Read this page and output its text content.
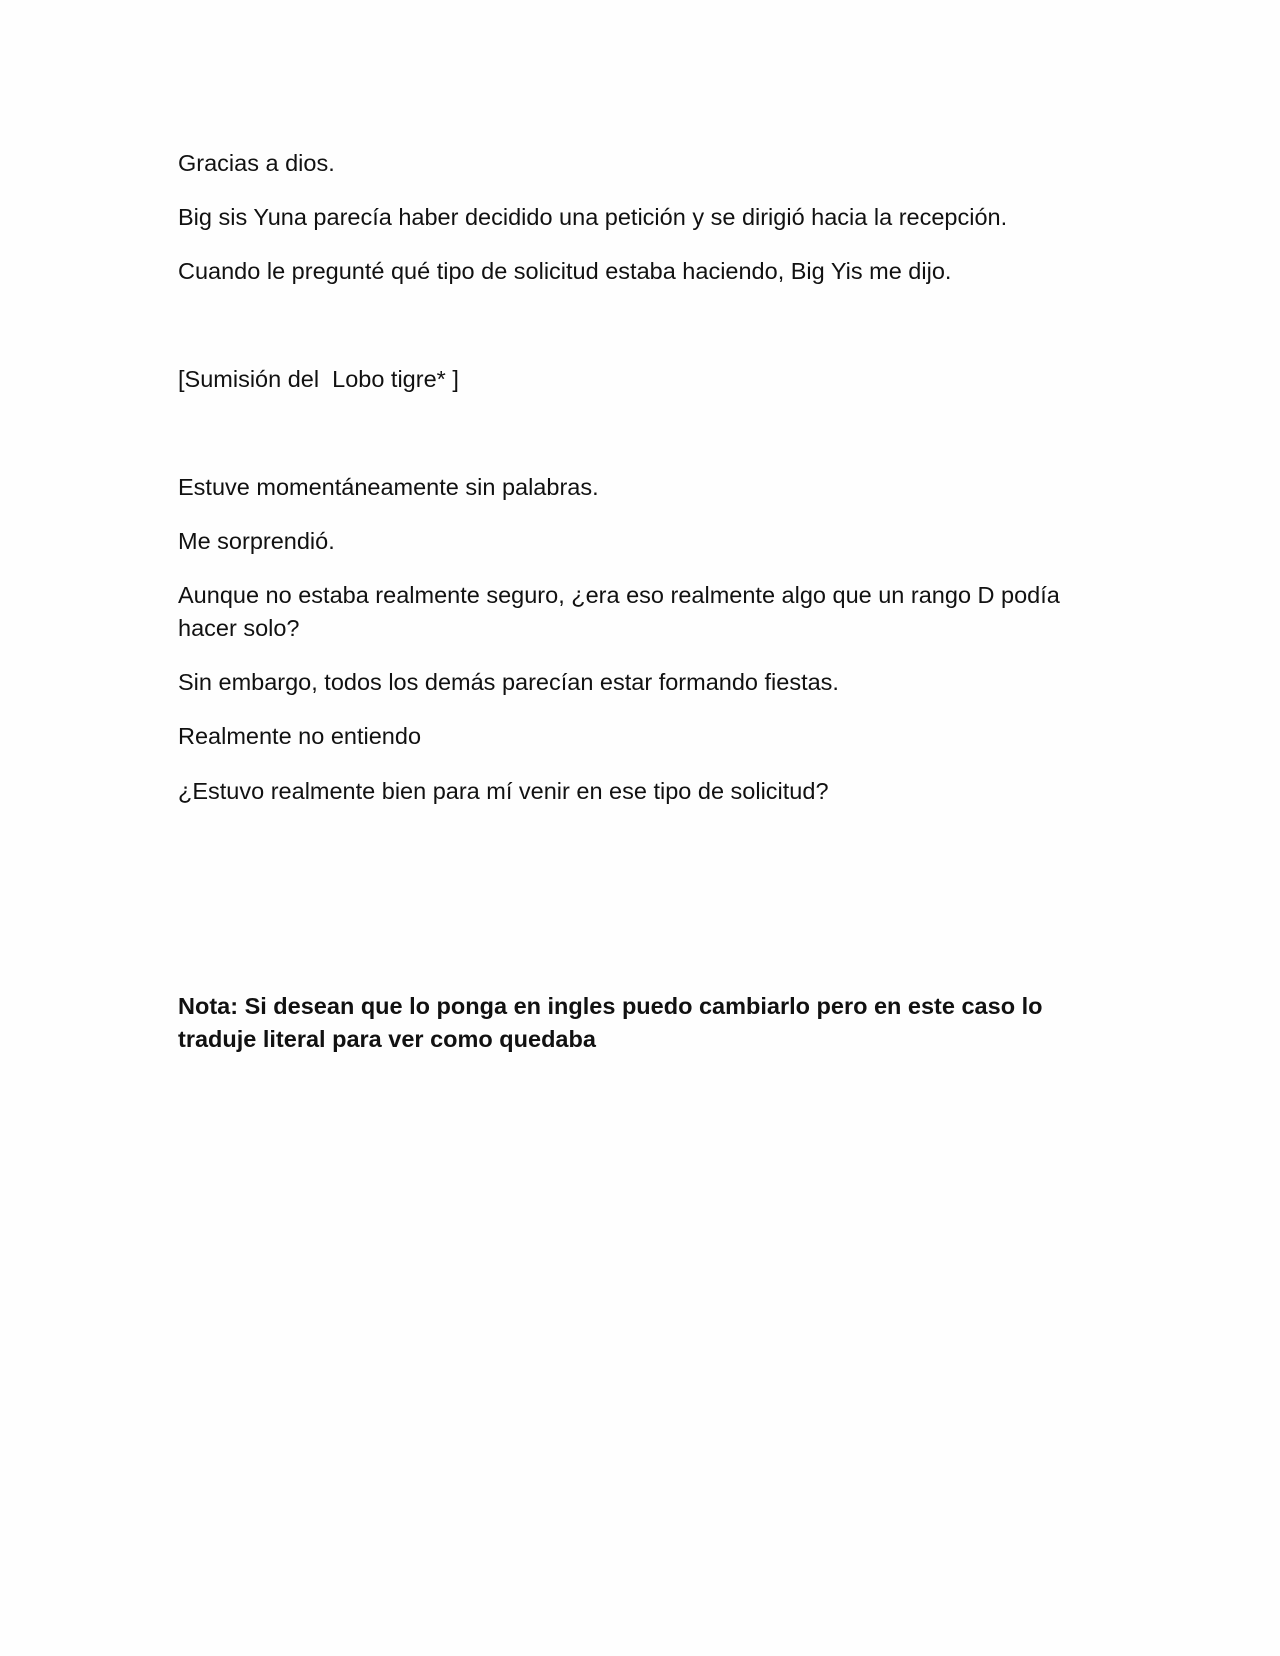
Gracias a dios.

Big sis Yuna parecía haber decidido una petición y se dirigió hacia la recepción.

Cuando le pregunté qué tipo de solicitud estaba haciendo, Big Yis me dijo.

[Sumisión del  Lobo tigre* ]

Estuve momentáneamente sin palabras.

Me sorprendió.

Aunque no estaba realmente seguro, ¿era eso realmente algo que un rango D podía hacer solo?

Sin embargo, todos los demás parecían estar formando fiestas.

Realmente no entiendo

¿Estuvo realmente bien para mí venir en ese tipo de solicitud?

Nota: Si desean que lo ponga en ingles puedo cambiarlo pero en este caso lo traduje literal para ver como quedaba
